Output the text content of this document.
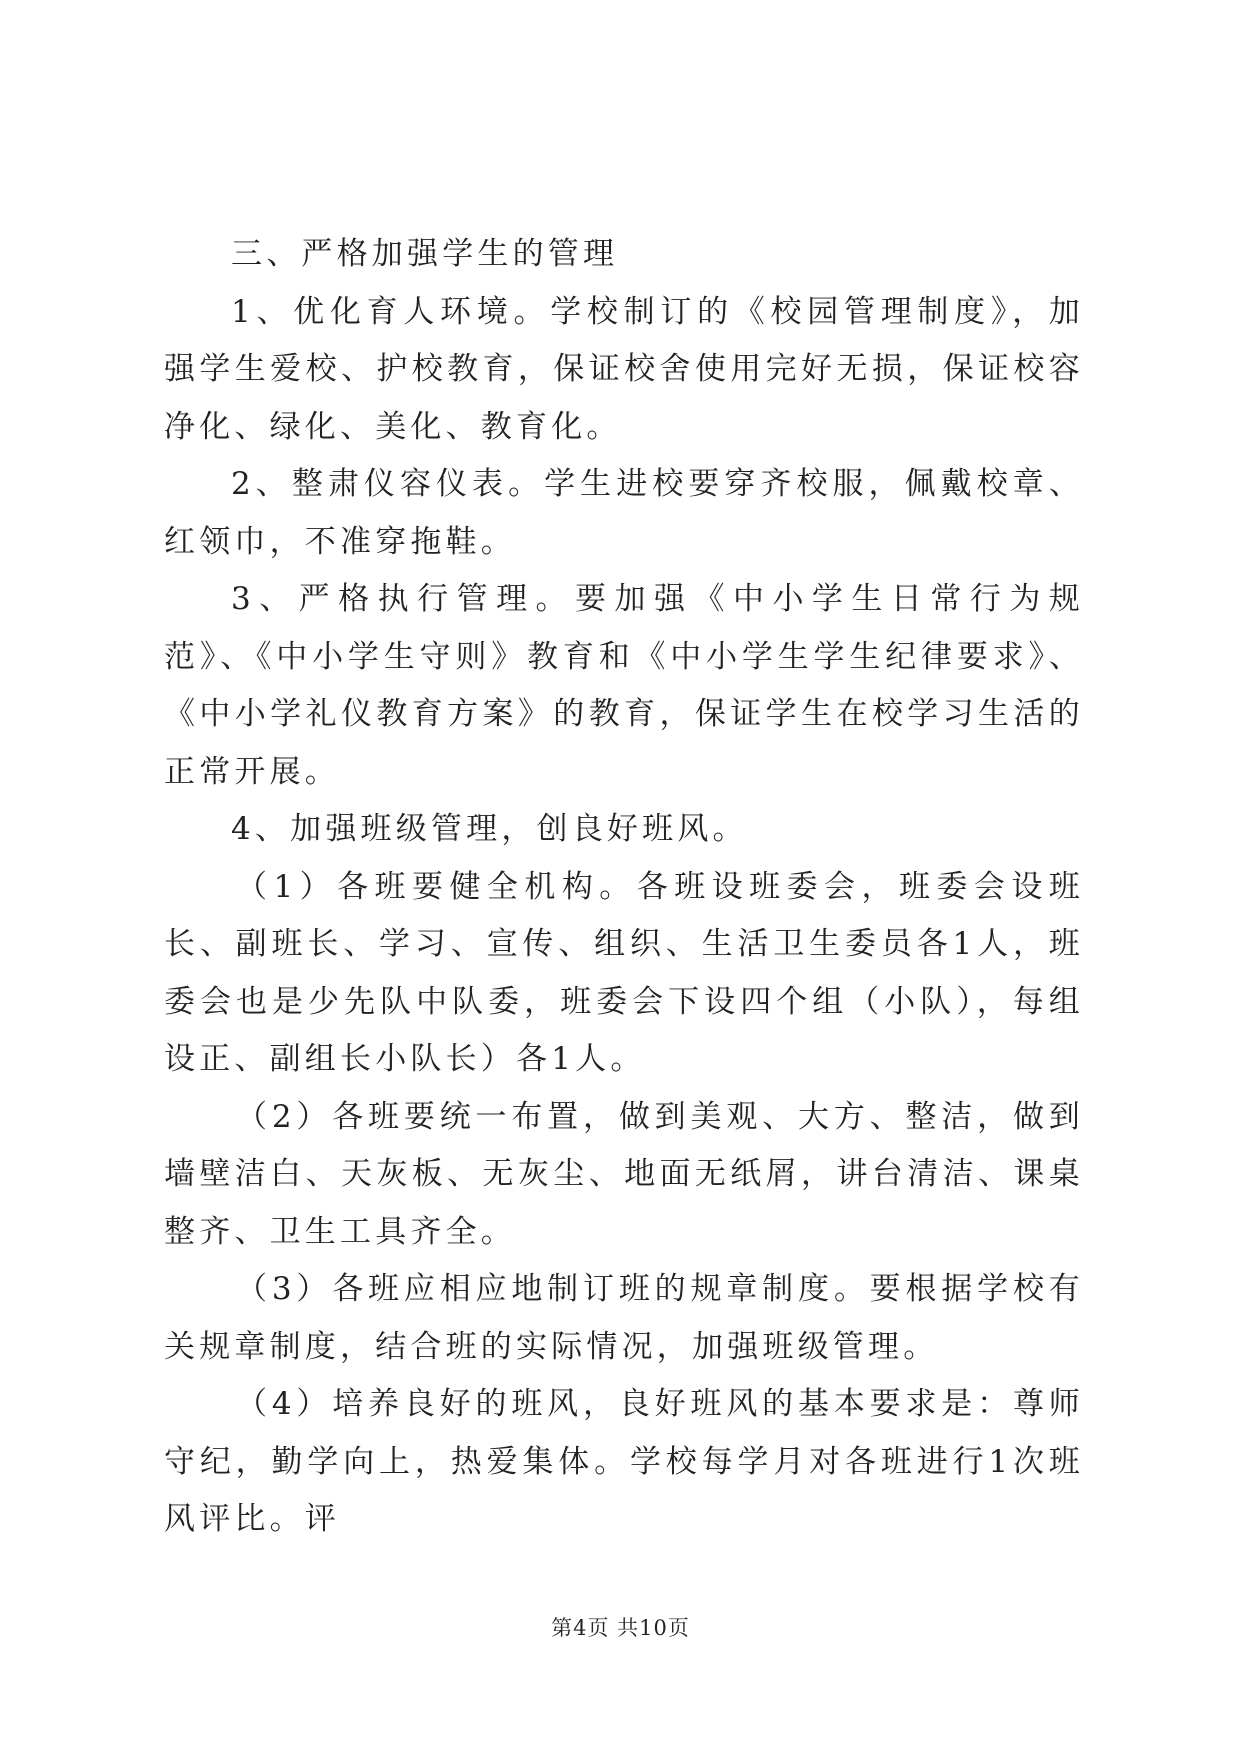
三、严格加强学生的管理

1、优化育人环境。学校制订的《校园管理制度》，加强学生爱校、护校教育，保证校舍使用完好无损，保证校容净化、绿化、美化、教育化。

2、整肃仪容仪表。学生进校要穿齐校服，佩戴校章、红领巾，不准穿拖鞋。

3、严格执行管理。要加强《中小学生日常行为规范》、《中小学生守则》教育和《中小学生学生纪律要求》、《中小学礼仪教育方案》的教育，保证学生在校学习生活的正常开展。

4、加强班级管理，创良好班风。

（1）各班要健全机构。各班设班委会，班委会设班长、副班长、学习、宣传、组织、生活卫生委员各1人，班委会也是少先队中队委，班委会下设四个组（小队），每组设正、副组长小队长）各1人。

（2）各班要统一布置，做到美观、大方、整洁，做到墙壁洁白、天灰板、无灰尘、地面无纸屑，讲台清洁、课桌整齐、卫生工具齐全。

（3）各班应相应地制订班的规章制度。要根据学校有关规章制度，结合班的实际情况，加强班级管理。

（4）培养良好的班风，良好班风的基本要求是：尊师守纪，勤学向上，热爱集体。学校每学月对各班进行1次班风评比。评

第4页 共10页
